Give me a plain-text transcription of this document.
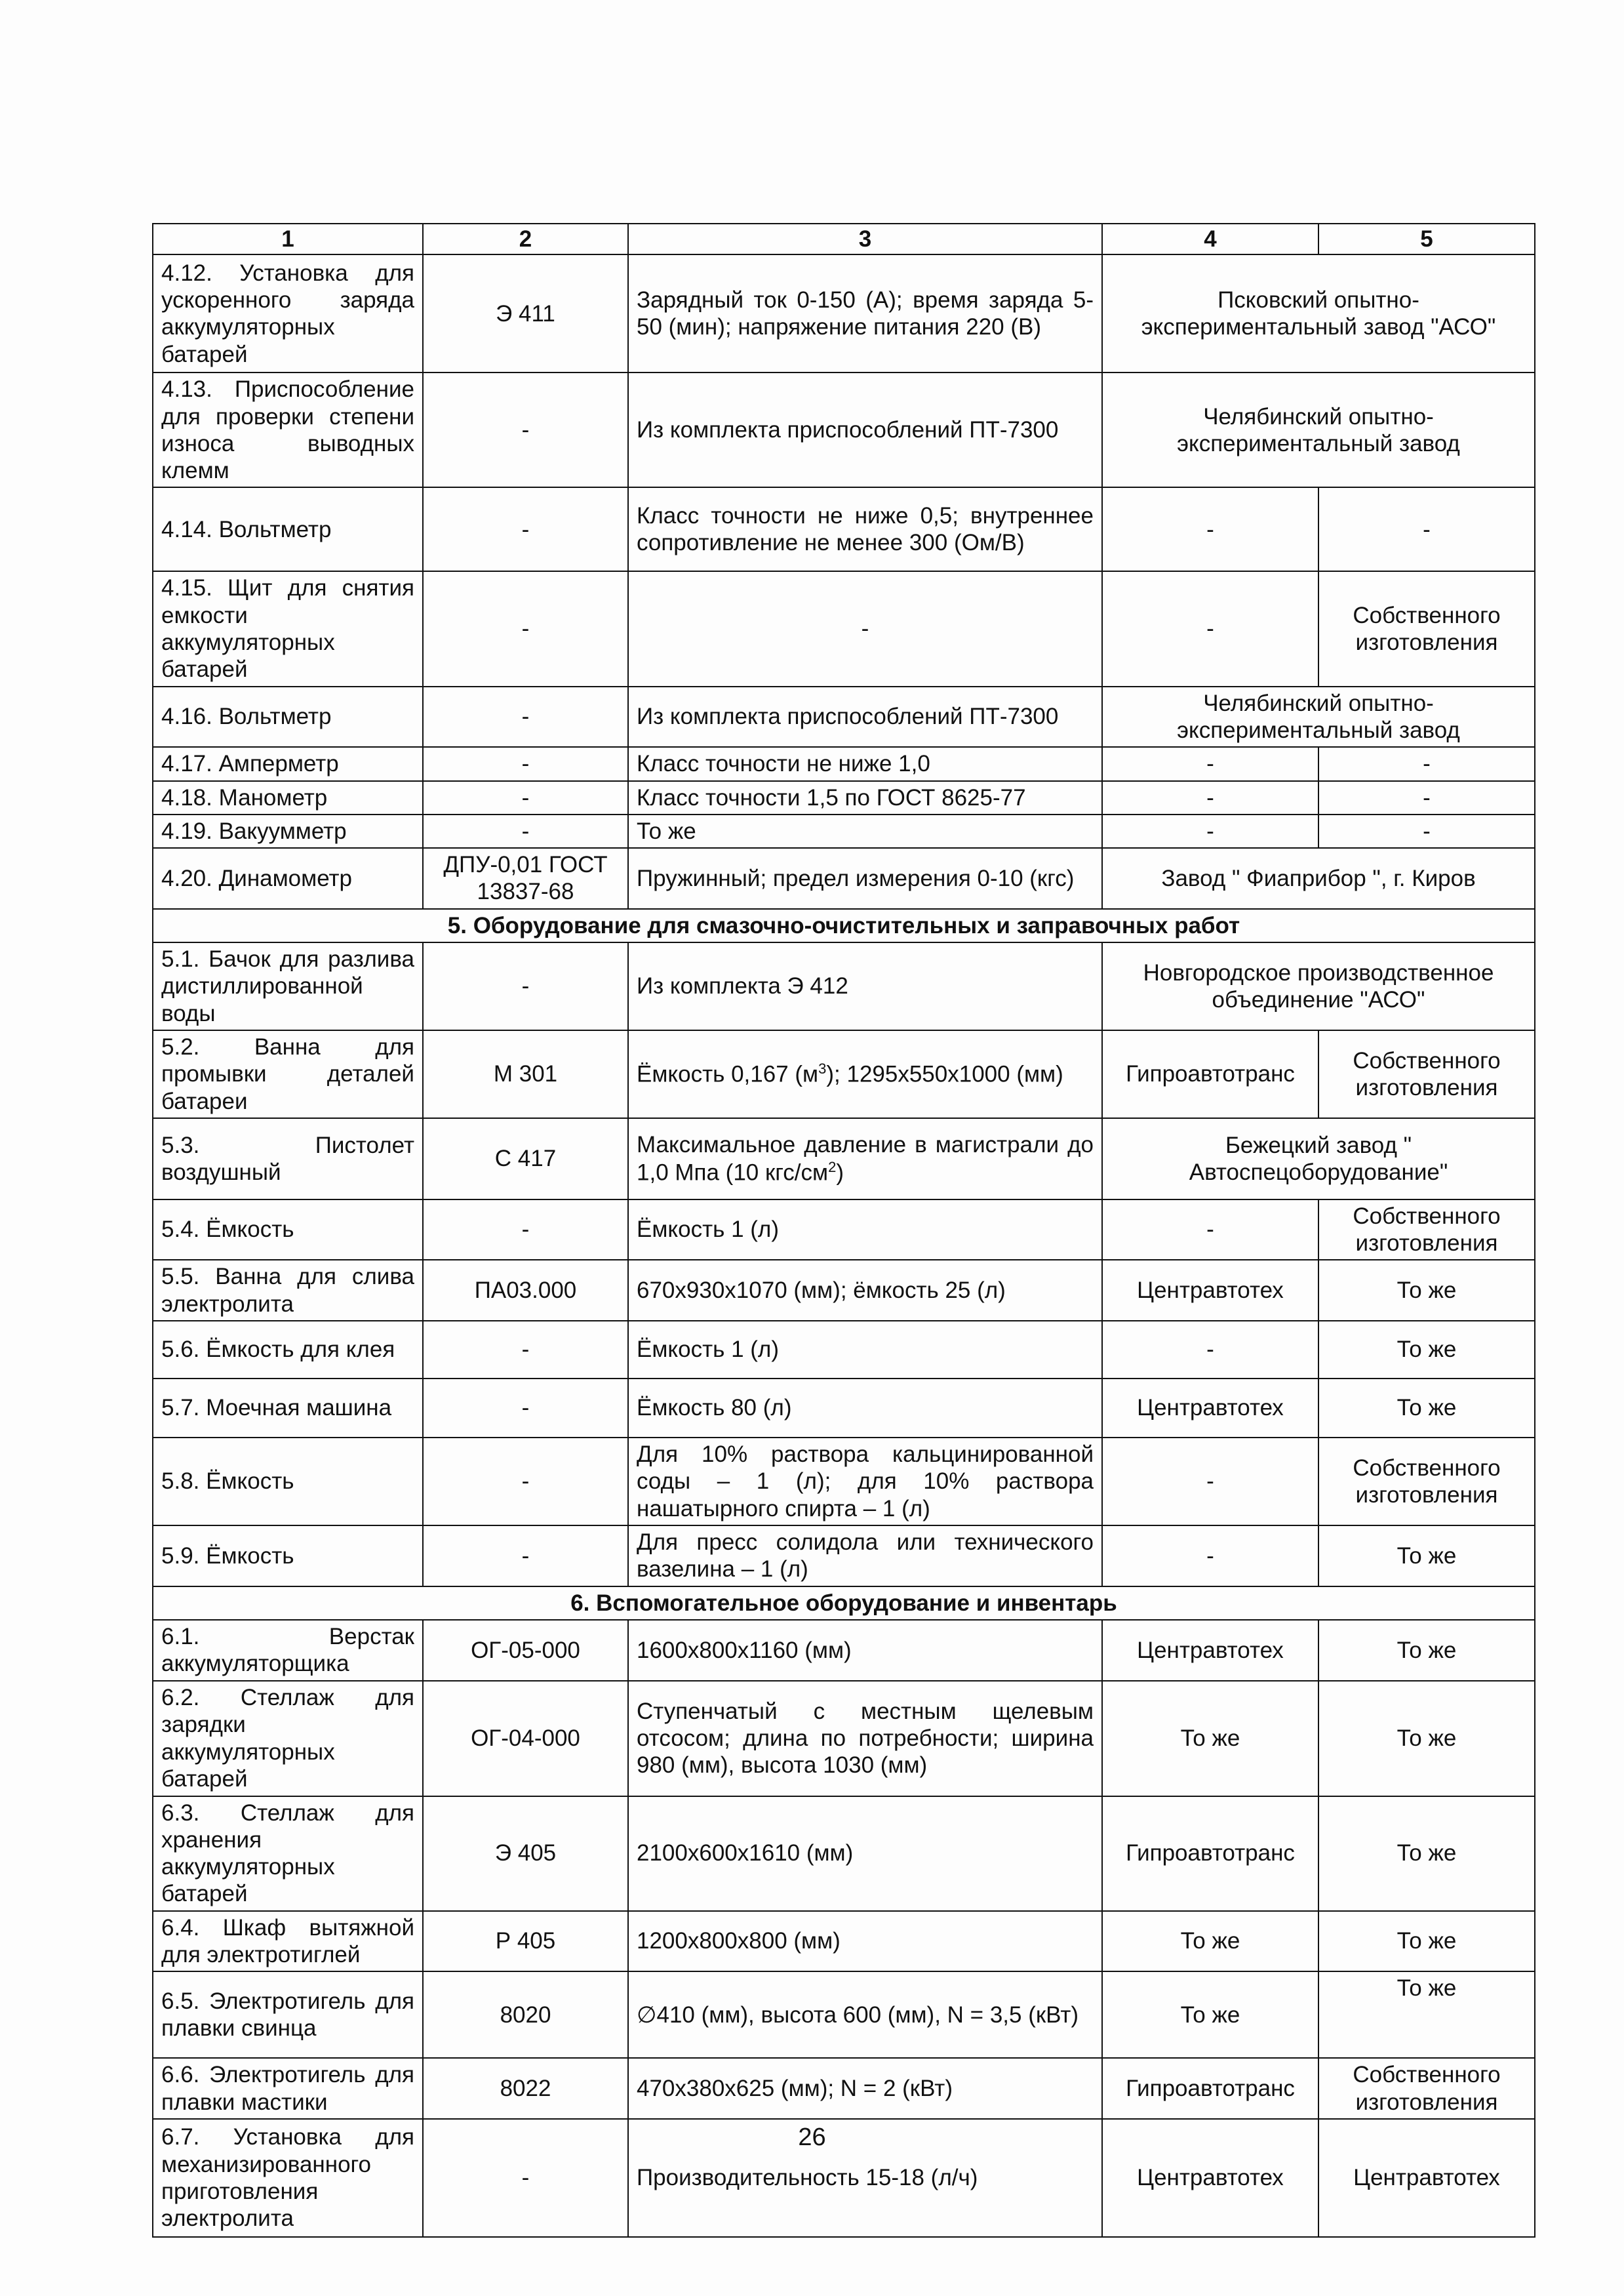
1	2	3	4	5
4.12. Установка для ускоренного заряда аккумуляторных батарей	Э 411	Зарядный ток 0-150 (А); время заряда 5-50 (мин); напряжение питания 220 (В)	Псковский опытно-экспериментальный завод "АСО"	
4.13. Приспособление для проверки степени износа выводных клемм	-	Из комплекта приспособлений ПТ-7300	Челябинский опытно-экспериментальный завод	
4.14. Вольтметр	-	Класс точности не ниже 0,5; внутреннее сопротивление не менее 300 (Ом/В)	-	-
4.15. Щит для снятия емкости аккумуляторных батарей	-	-	-	Собственного изготовления
4.16. Вольтметр	-	Из комплекта приспособлений ПТ-7300	Челябинский опытно-экспериментальный завод	
4.17. Амперметр	-	Класс точности не ниже 1,0	-	-
4.18. Манометр	-	Класс точности 1,5 по ГОСТ 8625-77	-	-
4.19. Вакуумметр	-	То же	-	-
4.20. Динамометр	ДПУ-0,01 ГОСТ 13837-68	Пружинный; предел измерения 0-10 (кгс)	Завод " Фиаприбор ", г. Киров	
5. Оборудование для смазочно-очистительных и заправочных работ				
5.1. Бачок для разлива дистиллированной воды	-	Из комплекта Э 412	Новгородское производственное объединение "АСО"	
5.2. Ванна для промывки деталей батареи	М 301	Ёмкость 0,167 $(м^3)$; 1295х550х1000 (мм)	Гипроавтотранс	Собственного изготовления
5.3. Пистолет воздушный	С 417	Максимальное давление в магистрали до 1,0 Мпа (10 кгс/$см^2$)	Бежецкий завод " Автоспецоборудование"	
5.4. Ёмкость	-	Ёмкость 1 (л)	-	Собственного изготовления
5.5. Ванна для слива электролита	ПА03.000	670х930х1070 (мм); ёмкость 25 (л)	Центравтотех	То же
5.6. Ёмкость для клея	-	Ёмкость 1 (л)	-	То же
5.7. Моечная машина	-	Ёмкость 80 (л)	Центравтотех	То же
5.8. Ёмкость	-	Для 10% раствора кальцинированной соды – 1 (л); для 10% раствора нашатырного спирта – 1 (л)	-	Собственного изготовления
5.9. Ёмкость	-	Для пресс солидола или технического вазелина – 1 (л)	-	То же
6. Вспомогательное оборудование и инвентарь				
6.1. Верстак аккумуляторщика	ОГ-05-000	1600х800х1160 (мм)	Центравтотех	То же
6.2. Стеллаж для зарядки аккумуляторных батарей	ОГ-04-000	Ступенчатый с местным щелевым отсосом; длина по потребности; ширина 980 (мм), высота 1030 (мм)	То же	То же
6.3. Стеллаж для хранения аккумуляторных батарей	Э 405	2100х600х1610 (мм)	Гипроавтотранс	То же
6.4. Шкаф вытяжной для электротиглей	Р 405	1200х800х800 (мм)	То же	То же
6.5. Электротигель для плавки свинца	8020	∅410 (мм), высота 600 (мм), N = 3,5 (кВт)	То же	То же
6.6. Электротигель для плавки мастики	8022	470х380х625 (мм); N = 2 (кВт)	Гипроавтотранс	Собственного изготовления
6.7. Установка для механизированного приготовления электролита	-	Производительность 15-18 (л/ч)	Центравтотех	Центравтотех
26
